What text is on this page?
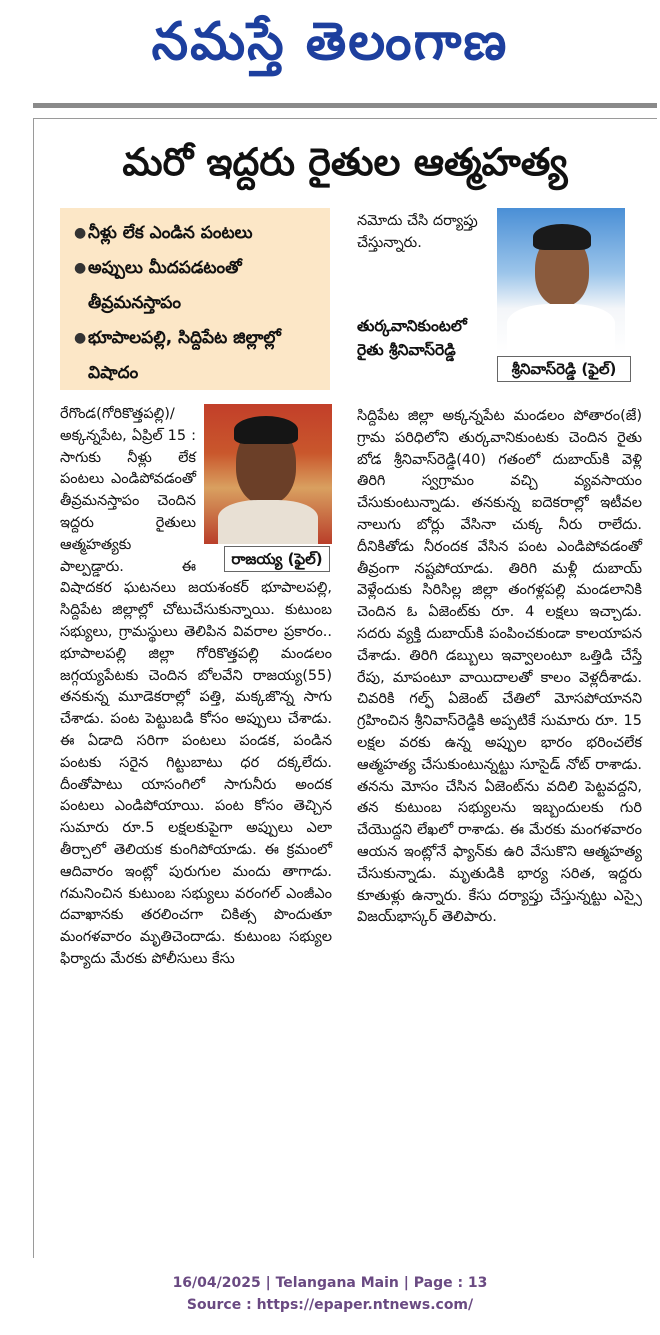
నమస్తే తెలంగాణ
మరో ఇద్దరు రైతుల ఆత్మహత్య
● నీళ్లు లేక ఎండిన పంటలు
● అప్పులు మీదపడటంతో తీవ్రమనస్తాపం
● భూపాలపల్లి, సిద్దిపేట జిల్లాల్లో విషాదం
నమోదు చేసి దర్యాప్తు చేస్తున్నారు.
తుర్కవానికుంటలో రైతు శ్రీనివాస్‌రెడ్డి
శ్రీనివాస్‌రెడ్డి (ఫైల్)
రాజయ్య (ఫైల్)

రేగొండ(గోరికొత్తపల్లి)/అక్కన్నపేట, ఏప్రిల్ 15 : సాగుకు నీళ్లు లేక పంటలు ఎండిపోవడంతో తీవ్రమనస్తాపం చెందిన ఇద్దరు రైతులు ఆత్మహత్యకు పాల్పడ్డారు. ఈ విషాదకర ఘటనలు జయశంకర్ భూపాలపల్లి, సిద్దిపేట జిల్లాల్లో చోటుచేసుకున్నాయి. కుటుంబ సభ్యులు, గ్రామస్థులు తెలిపిన వివరాల ప్రకారం.. భూపాలపల్లి జిల్లా గోరికొత్తపల్లి మండలం జగ్గయ్యపేటకు చెందిన బోలవేని రాజయ్య(55) తనకున్న మూడెకరాల్లో పత్తి, మక్కజొన్న సాగు చేశాడు. పంట పెట్టుబడి కోసం అప్పులు చేశాడు. ఈ ఏడాది సరిగా పంటలు పండక, పండిన పంటకు సరైన గిట్టుబాటు ధర దక్కలేదు. దీంతోపాటు యాసంగిలో సాగునీరు అందక పంటలు ఎండిపోయాయి. పంట కోసం తెచ్చిన సుమారు రూ.5 లక్షలకుపైగా అప్పులు ఎలా తీర్చాలో తెలియక కుంగిపోయాడు. ఈ క్రమంలో ఆదివారం ఇంట్లో పురుగుల మందు తాగాడు. గమనించిన కుటుంబ సభ్యులు వరంగల్ ఎంజీఎం దవాఖానకు తరలించగా చికిత్స పొందుతూ మంగళవారం మృతిచెందాడు. కుటుంబ సభ్యుల ఫిర్యాదు మేరకు పోలీసులు కేసు

సిద్దిపేట జిల్లా అక్కన్నపేట మండలం పోతారం(జే) గ్రామ పరిధిలోని తుర్కవానికుంటకు చెందిన రైతు బోడ శ్రీనివాస్‌రెడ్డి(40) గతంలో దుబాయ్‌కి వెళ్లి తిరిగి స్వగ్రామం వచ్చి వ్యవసాయం చేసుకుంటున్నాడు. తనకున్న ఐదెకరాల్లో ఇటీవల నాలుగు బోర్లు వేసినా చుక్క నీరు రాలేదు. దీనికితోడు నీరందక వేసిన పంట ఎండిపోవడంతో తీవ్రంగా నష్టపోయాడు. తిరిగి మళ్లీ దుబాయ్ వెళ్లేందుకు సిరిసిల్ల జిల్లా తంగళ్లపల్లి మండలానికి చెందిన ఓ ఏజెంట్‌కు రూ. 4 లక్షలు ఇచ్చాడు. సదరు వ్యక్తి దుబాయ్‌కి పంపించకుండా కాలయాపన చేశాడు. తిరిగి డబ్బులు ఇవ్వాలంటూ ఒత్తిడి చేస్తే రేపు, మాపంటూ వాయిదాలతో కాలం వెళ్లదీశాడు. చివరికి గల్ఫ్ ఏజెంట్ చేతిలో మోసపోయానని గ్రహించిన శ్రీనివాస్‌రెడ్డికి అప్పటికే సుమారు రూ. 15 లక్షల వరకు ఉన్న అప్పుల భారం భరించలేక ఆత్మహత్య చేసుకుంటున్నట్టు సూసైడ్ నోట్ రాశాడు. తనను మోసం చేసిన ఏజెంట్‌ను వదిలి పెట్టవద్దని, తన కుటుంబ సభ్యులను ఇబ్బందులకు గురి చేయొద్దని లేఖలో రాశాడు. ఈ మేరకు మంగళవారం ఆయన ఇంట్లోనే ఫ్యాన్‌కు ఉరి వేసుకొని ఆత్మహత్య చేసుకున్నాడు. మృతుడికి భార్య సరిత, ఇద్దరు కూతుళ్లు ఉన్నారు. కేసు దర్యాప్తు చేస్తున్నట్టు ఎస్సై విజయ్‌భాస్కర్ తెలిపారు.

16/04/2025 | Telangana Main | Page : 13
Source : https://epaper.ntnews.com/
